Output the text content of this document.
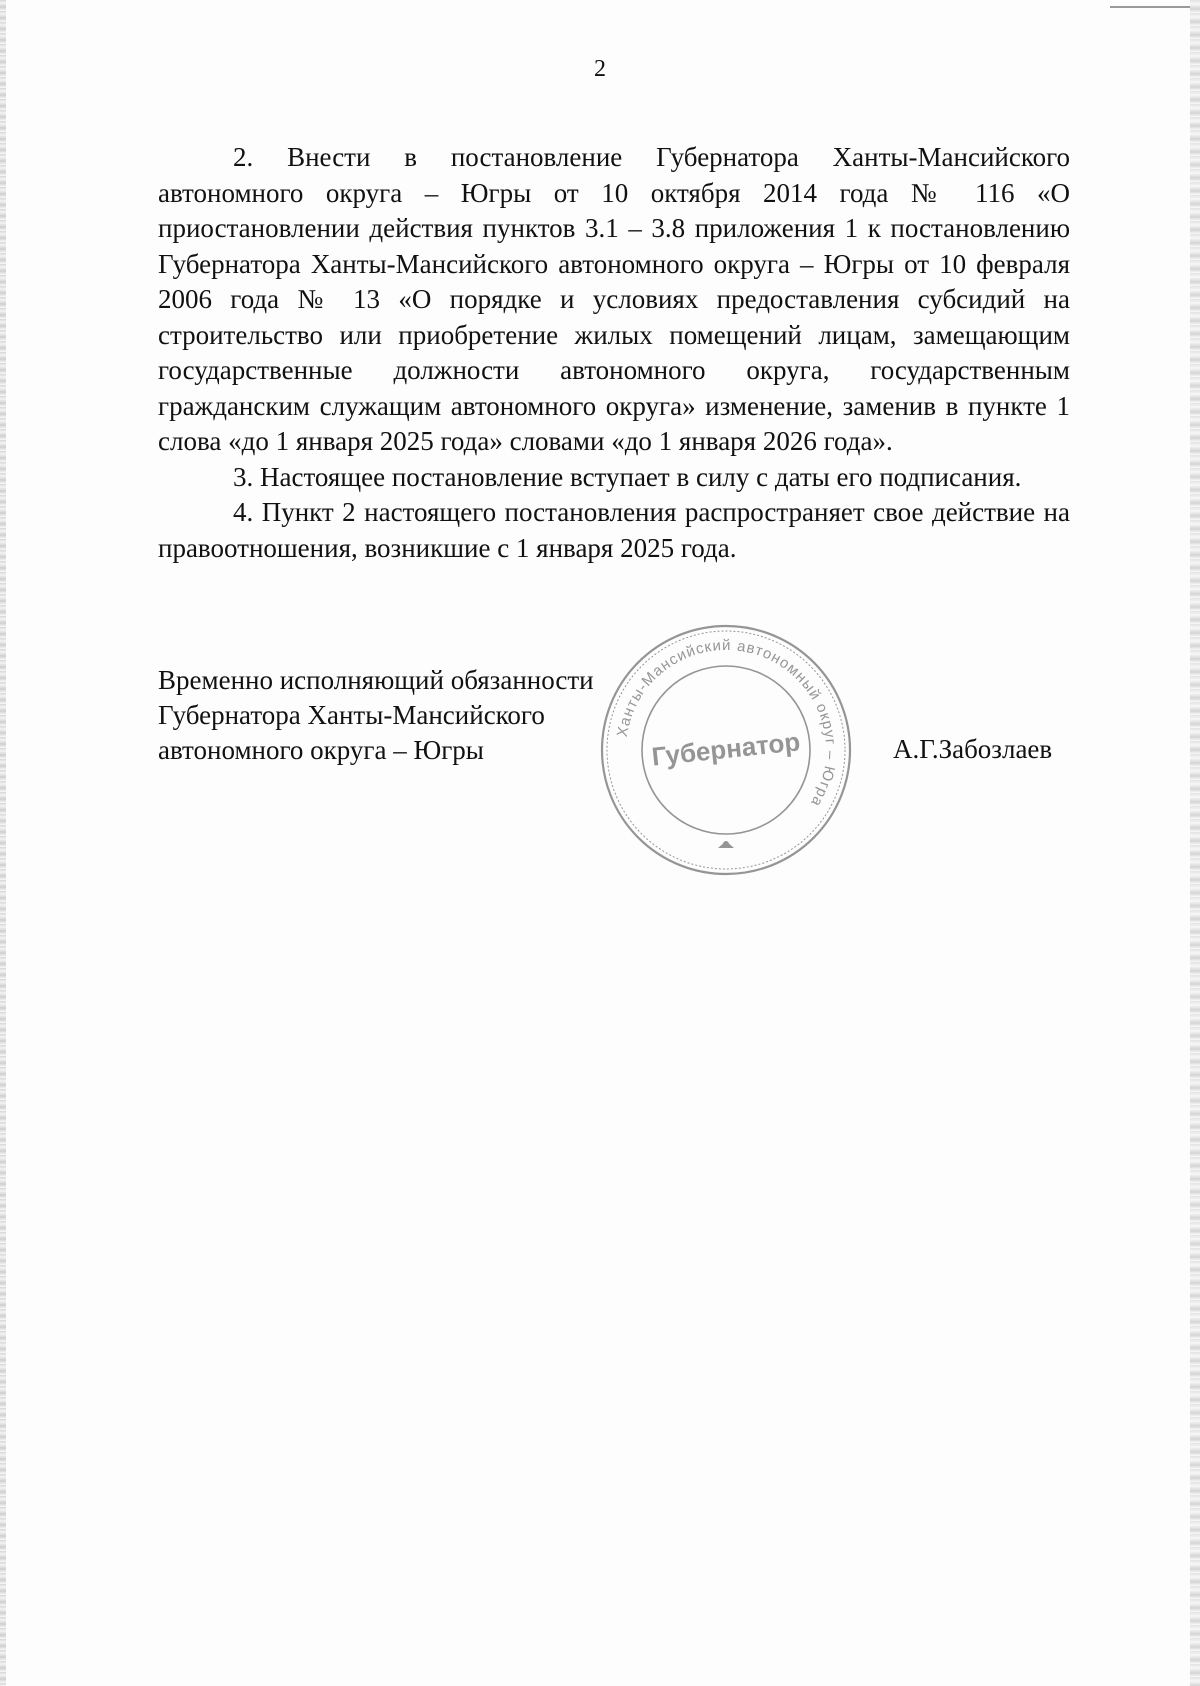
2

2. Внести в постановление Губернатора Ханты-Мансийского автономного округа – Югры от 10 октября 2014 года № 116 «О приостановлении действия пунктов 3.1 – 3.8 приложения 1 к постановлению Губернатора Ханты-Мансийского автономного округа – Югры от 10 февраля 2006 года № 13 «О порядке и условиях предоставления субсидий на строительство или приобретение жилых помещений лицам, замещающим государственные должности автономного округа, государственным гражданским служащим автономного округа» изменение, заменив в пункте 1 слова «до 1 января 2025 года» словами «до 1 января 2026 года».

3. Настоящее постановление вступает в силу с даты его подписания.

4. Пункт 2 настоящего постановления распространяет свое действие на правоотношения, возникшие с 1 января 2025 года.

Временно исполняющий обязанности
Губернатора Ханты-Мансийского
автономного округа – Югры	А.Г.Забозлаев
Ханты-Мансийский автономный округ – Югра
Губернатор
